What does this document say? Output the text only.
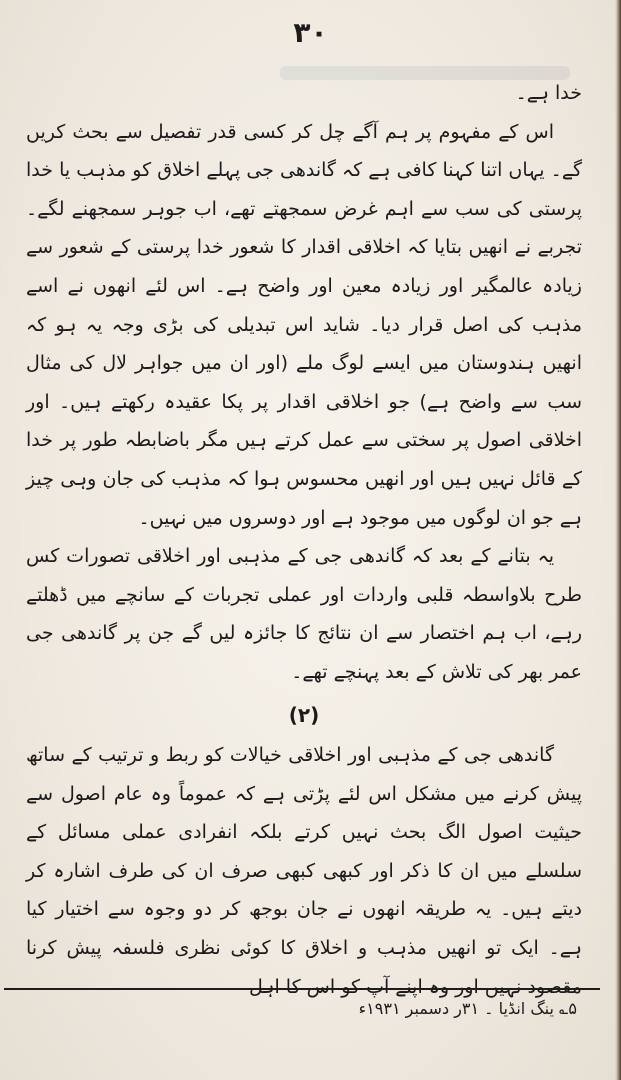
۳۰

خدا ہے۔

اس کے مفہوم پر ہم آگے چل کر کسی قدر تفصیل سے بحث کریں گے۔ یہاں اتنا کہنا کافی ہے کہ گاندھی جی پہلے اخلاق کو مذہب یا خدا پرستی کی سب سے اہم غرض سمجھتے تھے، اب جوہر سمجھنے لگے۔ تجربے نے انھیں بتایا کہ اخلاقی اقدار کا شعور خدا پرستی کے شعور سے زیادہ عالمگیر اور زیادہ معین اور واضح ہے۔ اس لئے انھوں نے اسے مذہب کی اصل قرار دیا۔ شاید اس تبدیلی کی بڑی وجہ یہ ہو کہ انھیں ہندوستان میں ایسے لوگ ملے (اور ان میں جواہر لال کی مثال سب سے واضح ہے) جو اخلاقی اقدار پر پکا عقیدہ رکھتے ہیں۔ اور اخلاقی اصول پر سختی سے عمل کرتے ہیں مگر باضابطہ طور پر خدا کے قائل نہیں ہیں اور انھیں محسوس ہوا کہ مذہب کی جان وہی چیز ہے جو ان لوگوں میں موجود ہے اور دوسروں میں نہیں۔

یہ بتانے کے بعد کہ گاندھی جی کے مذہبی اور اخلاقی تصورات کس طرح بلاواسطہ قلبی واردات اور عملی تجربات کے سانچے میں ڈھلتے رہے، اب ہم اختصار سے ان نتائج کا جائزہ لیں گے جن پر گاندھی جی عمر بھر کی تلاش کے بعد پہنچے تھے۔

(۲)

گاندھی جی کے مذہبی اور اخلاقی خیالات کو ربط و ترتیب کے ساتھ پیش کرنے میں مشکل اس لئے پڑتی ہے کہ عموماً وہ عام اصول سے حیثیت اصول الگ بحث نہیں کرتے بلکہ انفرادی عملی مسائل کے سلسلے میں ان کا ذکر اور کبھی کبھی صرف ان کی طرف اشارہ کر دیتے ہیں۔ یہ طریقہ انھوں نے جان بوجھ کر دو وجوہ سے اختیار کیا ہے۔ ایک تو انھیں مذہب و اخلاق کا کوئی نظری فلسفہ پیش کرنا مقصود نہیں اور وہ اپنے آپ کو اس کا اہل

۵؎ ینگ انڈیا ۔ ۳۱ر دسمبر ۱۹۳۱ء
